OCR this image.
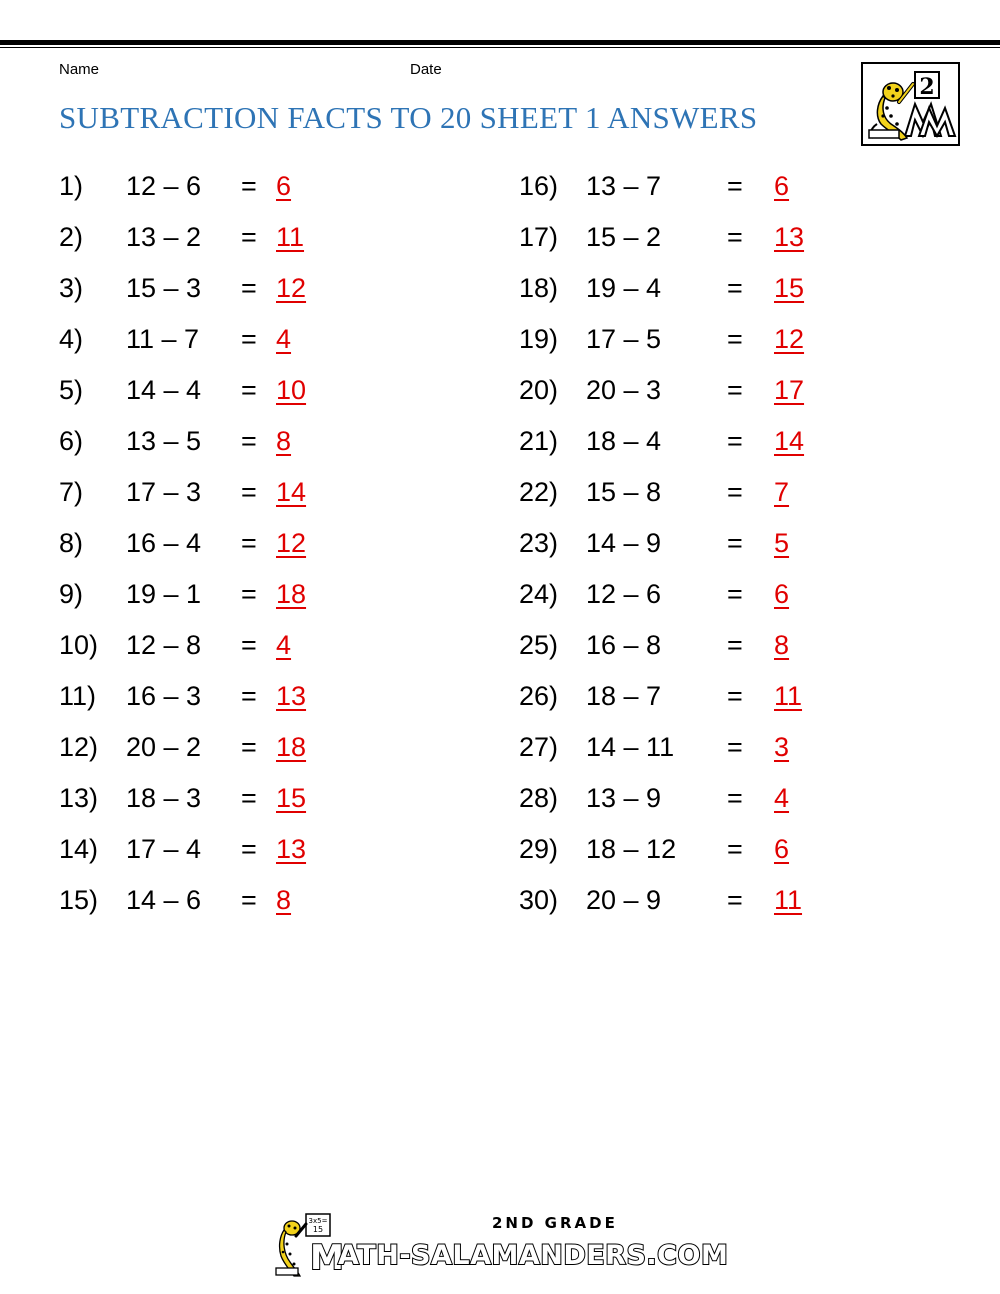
Name	Date
SUBTRACTION FACTS TO 20 SHEET 1 ANSWERS
2
1) 12 – 6 = 6
2) 13 – 2 = 11
3) 15 – 3 = 12
4) 11 – 7 = 4
5) 14 – 4 = 10
6) 13 – 5 = 8
7) 17 – 3 = 14
8) 16 – 4 = 12
9) 19 – 1 = 18
10) 12 – 8 = 4
11) 16 – 3 = 13
12) 20 – 2 = 18
13) 18 – 3 = 15
14) 17 – 4 = 13
15) 14 – 6 = 8
16) 13 – 7 = 6
17) 15 – 2 = 13
18) 19 – 4 = 15
19) 17 – 5 = 12
20) 20 – 3 = 17
21) 18 – 4 = 14
22) 15 – 8 = 7
23) 14 – 9 = 5
24) 12 – 6 = 6
25) 16 – 8 = 8
26) 18 – 7 = 11
27) 14 – 11 = 3
28) 13 – 9 = 4
29) 18 – 12 = 6
30) 20 – 9 = 11
3x5=
15	2ND GRADE
M
ATH-SALAMANDERS.COM
